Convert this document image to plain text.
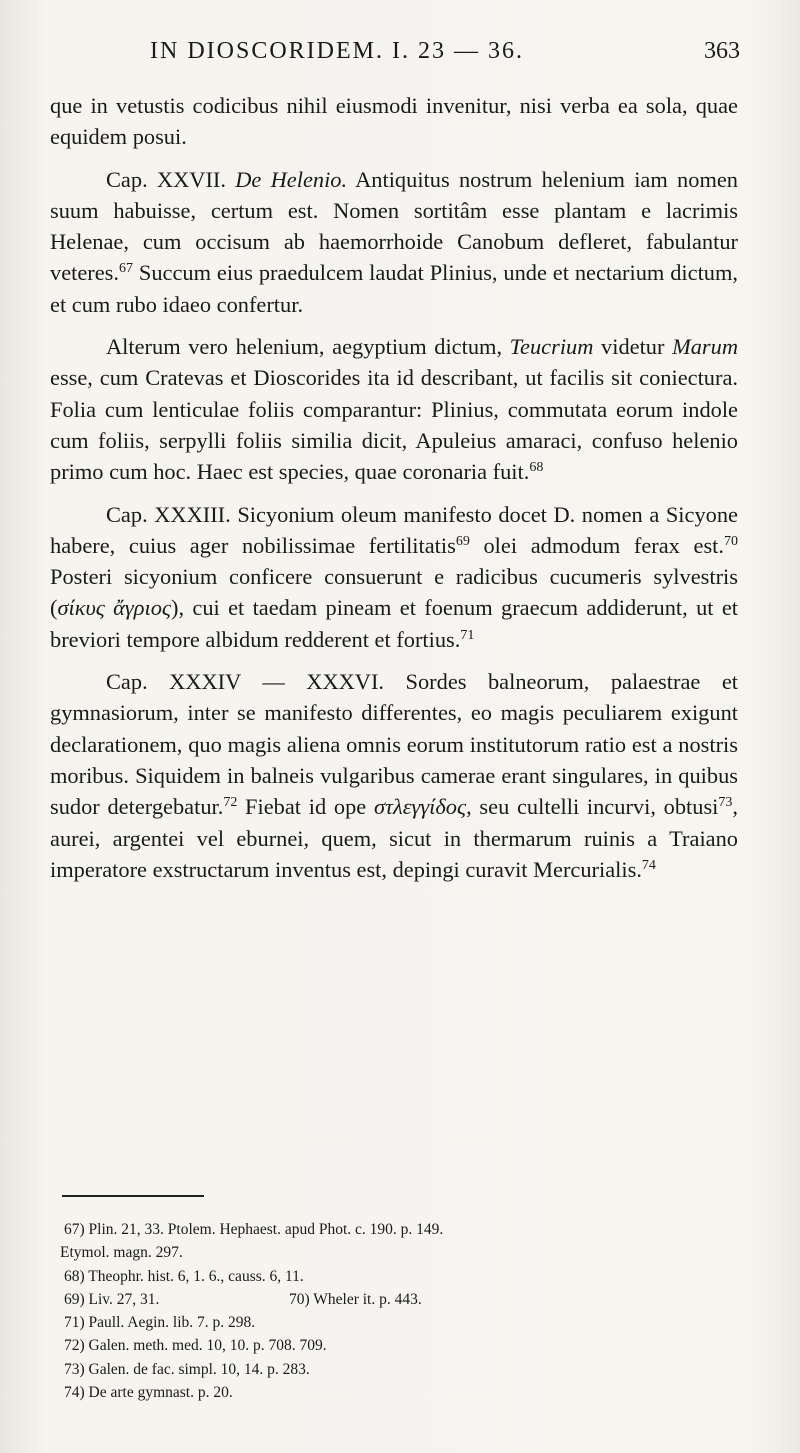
IN DIOSCORIDEM. I. 23 — 36.	363

que in vetustis codicibus nihil eiusmodi invenitur, nisi verba ea sola, quae equidem posui.

Cap. XXVII. De Helenio. Antiquitus nostrum helenium iam nomen suum habuisse, certum est. Nomen sortitâm esse plantam e lacrimis Helenae, cum occisum ab haemorrhoide Canobum defleret, fabulantur veteres.$^{67}$ Succum eius praedulcem laudat Plinius, unde et nectarium dictum, et cum rubo idaeo confertur.

Alterum vero helenium, aegyptium dictum, Teucrium videtur Marum esse, cum Cratevas et Dioscorides ita id describant, ut facilis sit coniectura. Folia cum lenticulae foliis comparantur: Plinius, commutata eorum indole cum foliis, serpylli foliis similia dicit, Apuleius amaraci, confuso helenio primo cum hoc. Haec est species, quae coronaria fuit.$^{68}$

Cap. XXXIII. Sicyonium oleum manifesto docet D. nomen a Sicyone habere, cuius ager nobilissimae fertilitatis$^{69}$ olei admodum ferax est.$^{70}$ Posteri sicyonium conficere consuerunt e radicibus cucumeris sylvestris (σίκυς ἄγριος), cui et taedam pineam et foenum graecum addiderunt, ut et breviori tempore albidum redderent et fortius.$^{71}$

Cap. XXXIV — XXXVI. Sordes balneorum, palaestrae et gymnasiorum, inter se manifesto differentes, eo magis peculiarem exigunt declarationem, quo magis aliena omnis eorum institutorum ratio est a nostris moribus. Siquidem in balneis vulgaribus camerae erant singulares, in quibus sudor detergebatur.$^{72}$ Fiebat id ope στλεγγίδος, seu cultelli incurvi, obtusi$^{73}$, aurei, argentei vel eburnei, quem, sicut in thermarum ruinis a Traiano imperatore exstructarum inventus est, depingi curavit Mercurialis.$^{74}$

67) Plin. 21, 33. Ptolem. Hephaest. apud Phot. c. 190. p. 149.
Etymol. magn. 297.
68) Theophr. hist. 6, 1. 6., causs. 6, 11.
69) Liv. 27, 31.	70) Wheler it. p. 443.
71) Paull. Aegin. lib. 7. p. 298.
72) Galen. meth. med. 10, 10. p. 708. 709.
73) Galen. de fac. simpl. 10, 14. p. 283.
74) De arte gymnast. p. 20.
